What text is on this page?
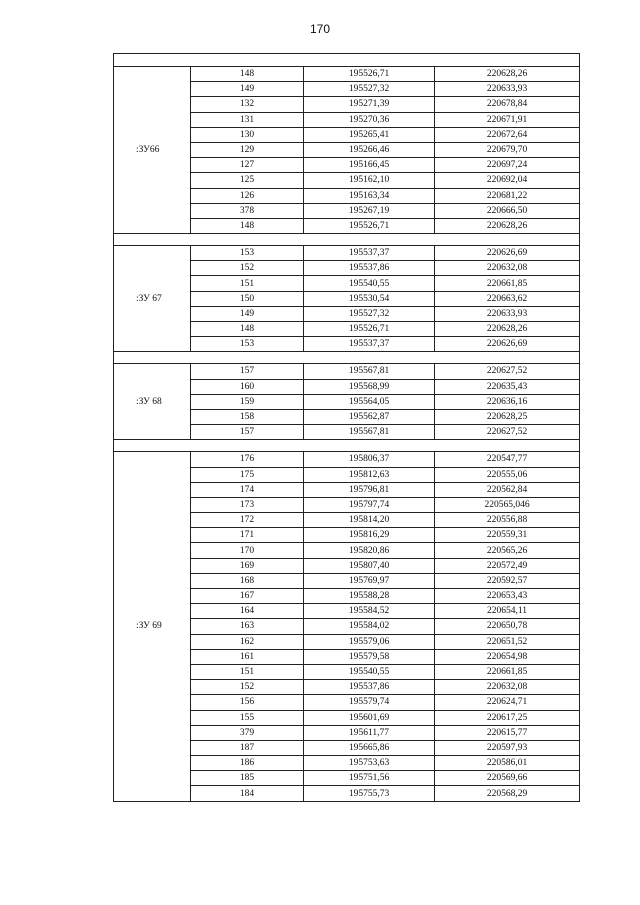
170

:ЗУ66	148	195526,71	220628,26
	149	195527,32	220633,93
	132	195271,39	220678,84
	131	195270,36	220671,91
	130	195265,41	220672,64
	129	195266,46	220679,70
	127	195166,45	220697,24
	125	195162,10	220692,04
	126	195163,34	220681,22
	378	195267,19	220666,50
	148	195526,71	220628,26

:ЗУ 67	153	195537,37	220626,69
	152	195537,86	220632,08
	151	195540,55	220661,85
	150	195530,54	220663,62
	149	195527,32	220633,93
	148	195526,71	220628,26
	153	195537,37	220626,69

:ЗУ 68	157	195567,81	220627,52
	160	195568,99	220635,43
	159	195564,05	220636,16
	158	195562,87	220628,25
	157	195567,81	220627,52

:ЗУ 69	176	195806,37	220547,77
	175	195812,63	220555,06
	174	195796,81	220562,84
	173	195797,74	220565,046
	172	195814,20	220556,88
	171	195816,29	220559,31
	170	195820,86	220565,26
	169	195807,40	220572,49
	168	195769,97	220592,57
	167	195588,28	220653,43
	164	195584,52	220654,11
	163	195584,02	220650,78
	162	195579,06	220651,52
	161	195579,58	220654,98
	151	195540,55	220661,85
	152	195537,86	220632,08
	156	195579,74	220624,71
	155	195601,69	220617,25
	379	195611,77	220615,77
	187	195665,86	220597,93
	186	195753,63	220586,01
	185	195751,56	220569,66
	184	195755,73	220568,29
